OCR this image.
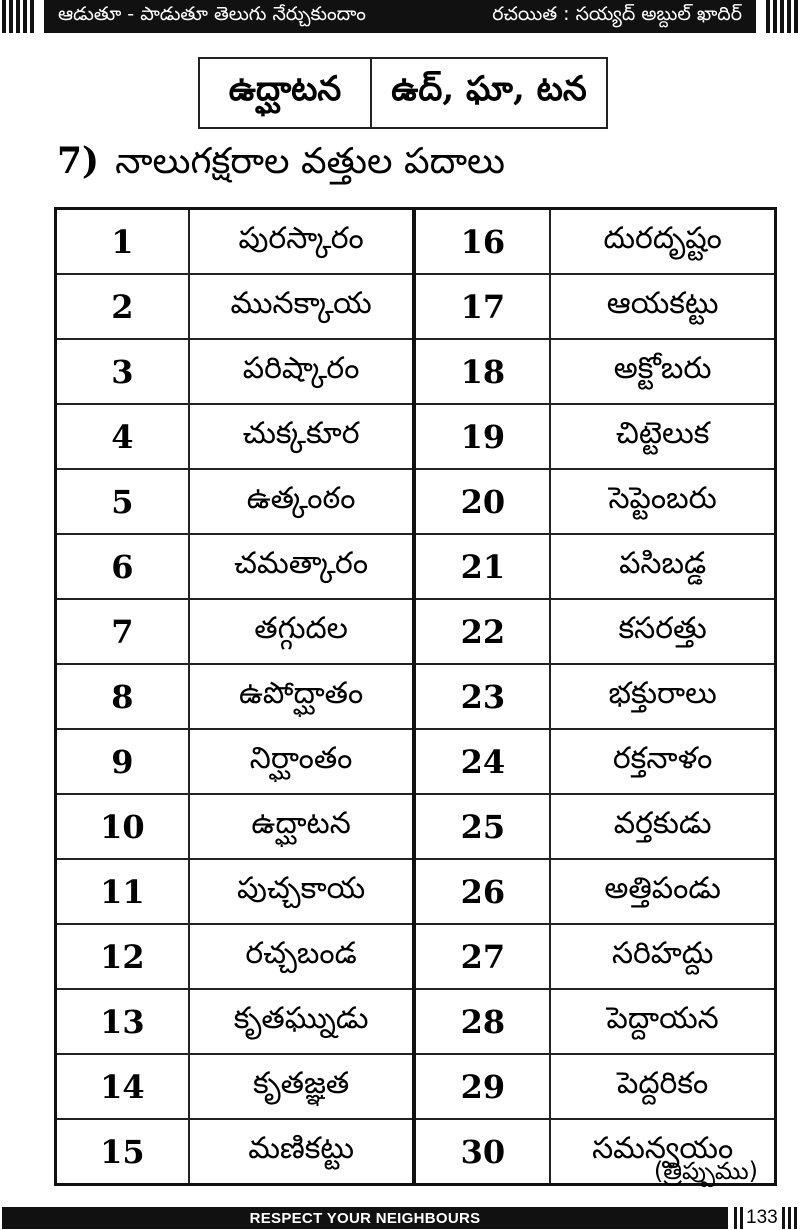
ఆడుతూ - పాడుతూ తెలుగు నేర్చుకుందాం	రచయిత : సయ్యద్ అబ్దుల్ ఖాదిర్
ఉద్ఘాటన	ఉద్, ఘా, టన
7) నాలుగక్షరాల వత్తుల పదాలు
1	పురస్కారం	16	దురదృష్టం
2	మునక్కాయ	17	ఆయకట్టు
3	పరిష్కారం	18	అక్టోబరు
4	చుక్కకూర	19	చిట్టెలుక
5	ఉత్కంఠం	20	సెప్టెంబరు
6	చమత్కారం	21	పసిబడ్డ
7	తగ్గుదల	22	కసరత్తు
8	ఉపోద్ఘాతం	23	భక్తురాలు
9	నిర్ఘాంతం	24	రక్తనాళం
10	ఉద్ఘాటన	25	వర్తకుడు
11	పుచ్చకాయ	26	అత్తిపండు
12	రచ్చబండ	27	సరిహద్దు
13	కృతఘ్నుడు	28	పెద్దాయన
14	కృతజ్ఞత	29	పెద్దరికం
15	మణికట్టు	30	సమన్వయం
(త్రిప్పుము)
RESPECT YOUR NEIGHBOURS	133
